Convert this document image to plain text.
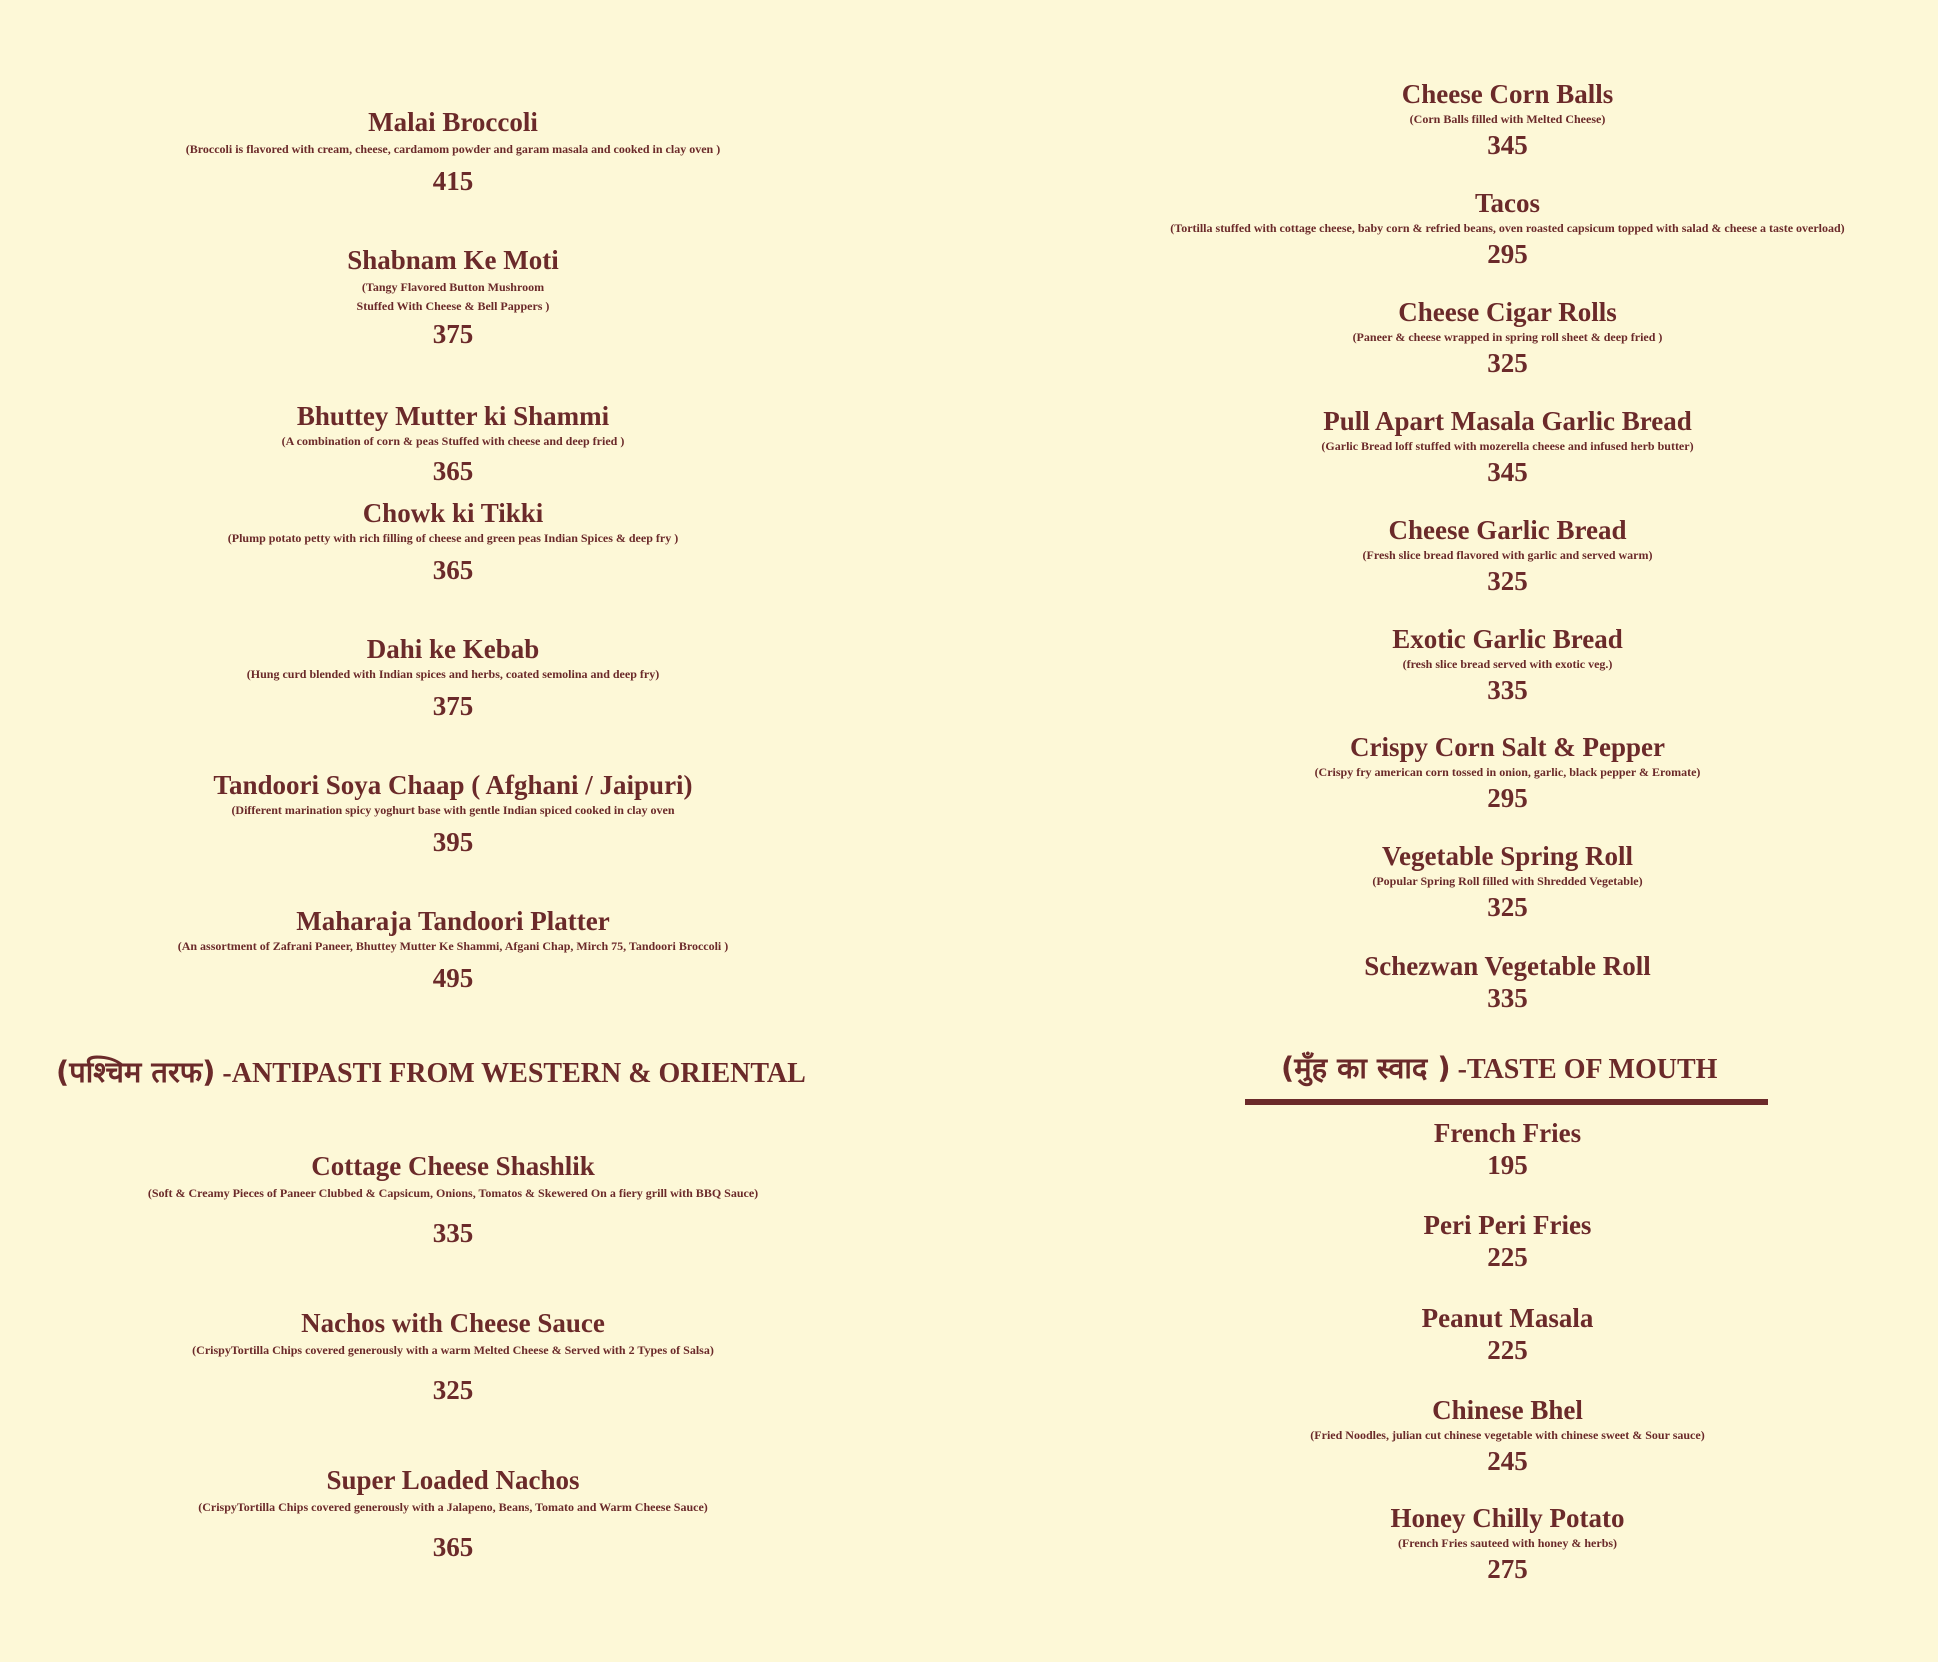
Malai Broccoli
(Broccoli is flavored with cream, cheese, cardamom powder and garam masala and cooked in clay oven )
415
Shabnam Ke Moti
(Tangy Flavored Button Mushroom
Stuffed With Cheese & Bell Pappers )
375
Bhuttey Mutter ki Shammi
(A combination of corn & peas Stuffed with cheese and deep fried )
365
Chowk ki Tikki
(Plump potato petty with rich filling of cheese and green peas Indian Spices & deep fry )
365
Dahi ke Kebab
(Hung curd blended with Indian spices and herbs, coated semolina and deep fry)
375
Tandoori Soya Chaap ( Afghani / Jaipuri)
(Different marination spicy yoghurt base with gentle Indian spiced cooked in clay oven
395
Maharaja Tandoori Platter
(An assortment of Zafrani Paneer, Bhuttey Mutter Ke Shammi, Afgani Chap, Mirch 75, Tandoori Broccoli )
495
(पश्चिम तरफ) -ANTIPASTI FROM WESTERN & ORIENTAL
Cottage Cheese Shashlik
(Soft & Creamy Pieces of Paneer Clubbed & Capsicum, Onions, Tomatos & Skewered On a fiery grill with BBQ Sauce)
335
Nachos with Cheese Sauce
(CrispyTortilla Chips covered generously with a warm Melted Cheese & Served with 2 Types of Salsa)
325
Super Loaded Nachos
(CrispyTortilla Chips covered generously with a Jalapeno, Beans, Tomato and Warm Cheese Sauce)
365
Cheese Corn Balls
(Corn Balls filled with Melted Cheese)
345
Tacos
(Tortilla stuffed with cottage cheese, baby corn & refried beans, oven roasted capsicum topped with salad & cheese a taste overload)
295
Cheese Cigar Rolls
(Paneer & cheese wrapped in spring roll sheet & deep fried )
325
Pull Apart Masala Garlic Bread
(Garlic Bread loff stuffed with mozerella cheese and infused herb butter)
345
Cheese Garlic Bread
(Fresh slice bread flavored with garlic and served warm)
325
Exotic Garlic Bread
(fresh slice bread served with exotic veg.)
335
Crispy Corn Salt & Pepper
(Crispy fry american corn tossed in onion, garlic, black pepper & Eromate)
295
Vegetable Spring Roll
(Popular Spring Roll filled with Shredded Vegetable)
325
Schezwan Vegetable Roll
335
(मुँह का स्वाद ) -TASTE OF MOUTH
French Fries
195
Peri Peri Fries
225
Peanut Masala
225
Chinese Bhel
(Fried Noodles, julian cut chinese vegetable with chinese sweet & Sour sauce)
245
Honey Chilly Potato
(French Fries sauteed with honey & herbs)
275
